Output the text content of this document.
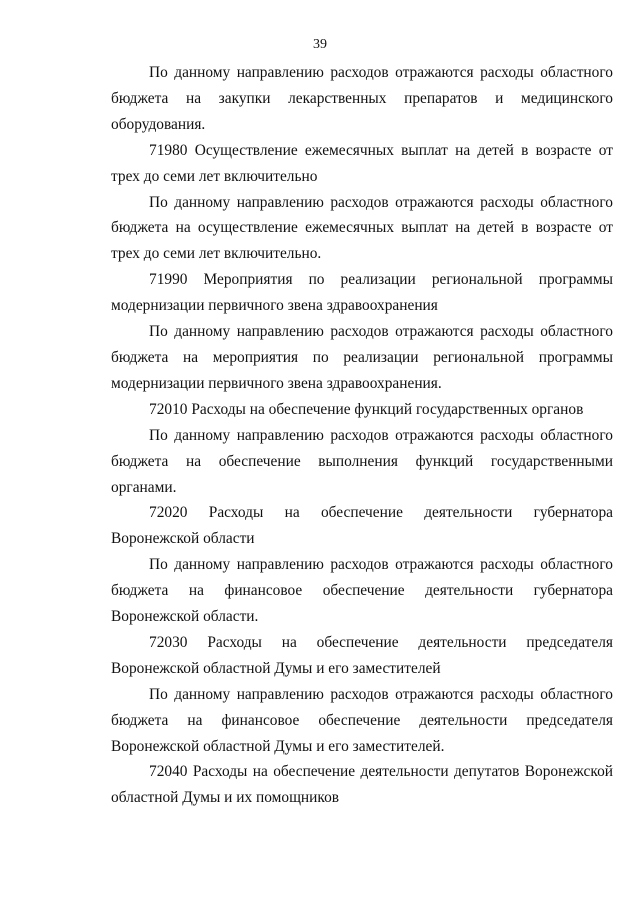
39

По данному направлению расходов отражаются расходы областного бюджета на закупки лекарственных препаратов и медицинского оборудования.

71980 Осуществление ежемесячных выплат на детей в возрасте от трех до семи лет включительно

По данному направлению расходов отражаются расходы областного бюджета на осуществление ежемесячных выплат на детей в возрасте от трех до семи лет включительно.

71990 Мероприятия по реализации региональной программы модернизации первичного звена здравоохранения

По данному направлению расходов отражаются расходы областного бюджета на мероприятия по реализации региональной программы модернизации первичного звена здравоохранения.

72010 Расходы на обеспечение функций государственных органов

По данному направлению расходов отражаются расходы областного бюджета на обеспечение выполнения функций государственными органами.

72020 Расходы на обеспечение деятельности губернатора Воронежской области

По данному направлению расходов отражаются расходы областного бюджета на финансовое обеспечение деятельности губернатора Воронежской области.

72030 Расходы на обеспечение деятельности председателя Воронежской областной Думы и его заместителей

По данному направлению расходов отражаются расходы областного бюджета на финансовое обеспечение деятельности председателя Воронежской областной Думы и его заместителей.

72040 Расходы на обеспечение деятельности депутатов Воронежской областной Думы и их помощников
